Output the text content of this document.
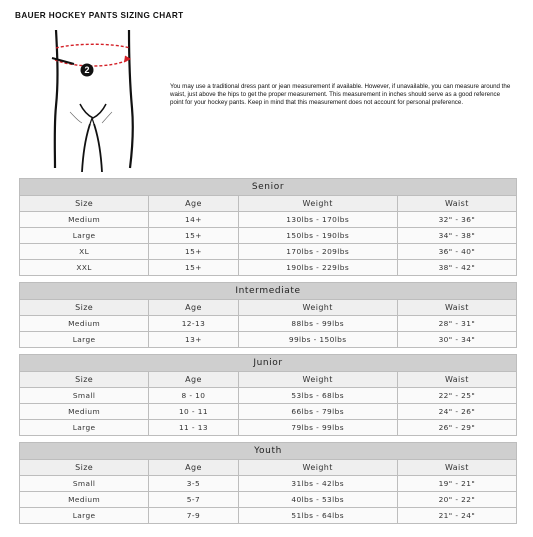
BAUER HOCKEY PANTS SIZING CHART
2
You may use a traditional dress pant or jean measurement if available. However, if unavailable, you can measure around the waist, just above the hips to get the proper measurement. This measurement in inches should serve as a good reference point for your hockey pants. Keep in mind that this measurement does not account for personal preference.
Senior			
Size	Age	Weight	Waist
Medium	14+	130lbs - 170lbs	32" - 36"
Large	15+	150lbs - 190lbs	34" - 38"
XL	15+	170lbs - 209lbs	36" - 40"
XXL	15+	190lbs - 229lbs	38" - 42"
Intermediate			
Size	Age	Weight	Waist
Medium	12-13	88lbs - 99lbs	28" - 31"
Large	13+	99lbs - 150lbs	30" - 34"
Junior			
Size	Age	Weight	Waist
Small	8 - 10	53lbs - 68lbs	22" - 25"
Medium	10 - 11	66lbs - 79lbs	24" - 26"
Large	11 - 13	79lbs - 99lbs	26" - 29"
Youth			
Size	Age	Weight	Waist
Small	3-5	31lbs - 42lbs	19" - 21"
Medium	5-7	40lbs - 53lbs	20" - 22"
Large	7-9	51lbs - 64lbs	21" - 24"
